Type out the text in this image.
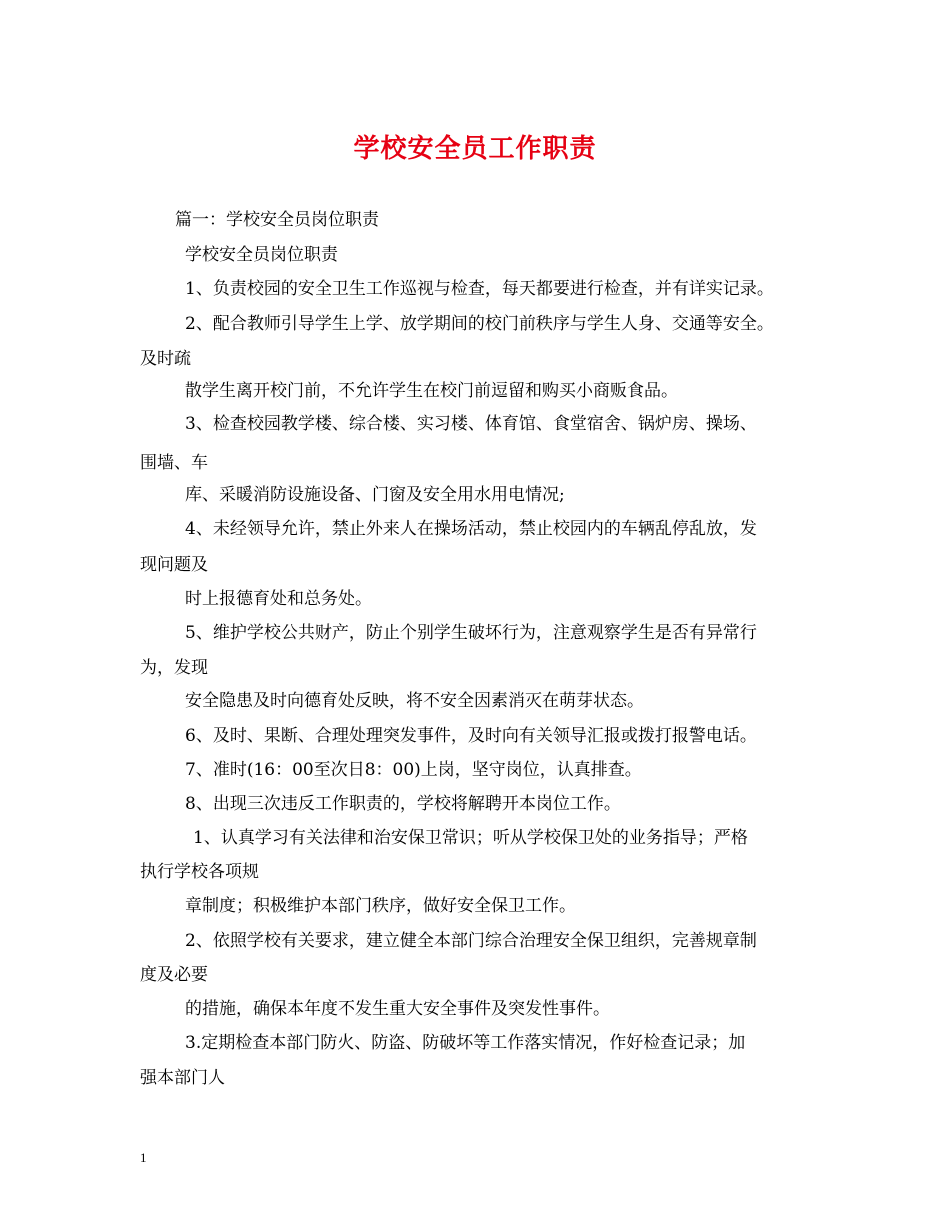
学校安全员工作职责
篇一：学校安全员岗位职责
学校安全员岗位职责
1、负责校园的安全卫生工作巡视与检查，每天都要进行检查，并有详实记录。
2、配合教师引导学生上学、放学期间的校门前秩序与学生人身、交通等安全。
及时疏
散学生离开校门前，不允许学生在校门前逗留和购买小商贩食品。
3、检查校园教学楼、综合楼、实习楼、体育馆、食堂宿舍、锅炉房、操场、
围墙、车
库、采暖消防设施设备、门窗及安全用水用电情况;
4、未经领导允许，禁止外来人在操场活动，禁止校园内的车辆乱停乱放，发
现问题及
时上报德育处和总务处。
5、维护学校公共财产，防止个别学生破坏行为，注意观察学生是否有异常行
为，发现
安全隐患及时向德育处反映，将不安全因素消灭在萌芽状态。
6、及时、果断、合理处理突发事件，及时向有关领导汇报或拨打报警电话。
7、准时(16：00至次日8：00)上岗，坚守岗位，认真排查。
8、出现三次违反工作职责的，学校将解聘开本岗位工作。
1、认真学习有关法律和治安保卫常识；听从学校保卫处的业务指导；严格
执行学校各项规
章制度；积极维护本部门秩序，做好安全保卫工作。
2、依照学校有关要求，建立健全本部门综合治理安全保卫组织，完善规章制
度及必要
的措施，确保本年度不发生重大安全事件及突发性事件。
3.定期检查本部门防火、防盗、防破坏等工作落实情况，作好检查记录；加
强本部门人
1
